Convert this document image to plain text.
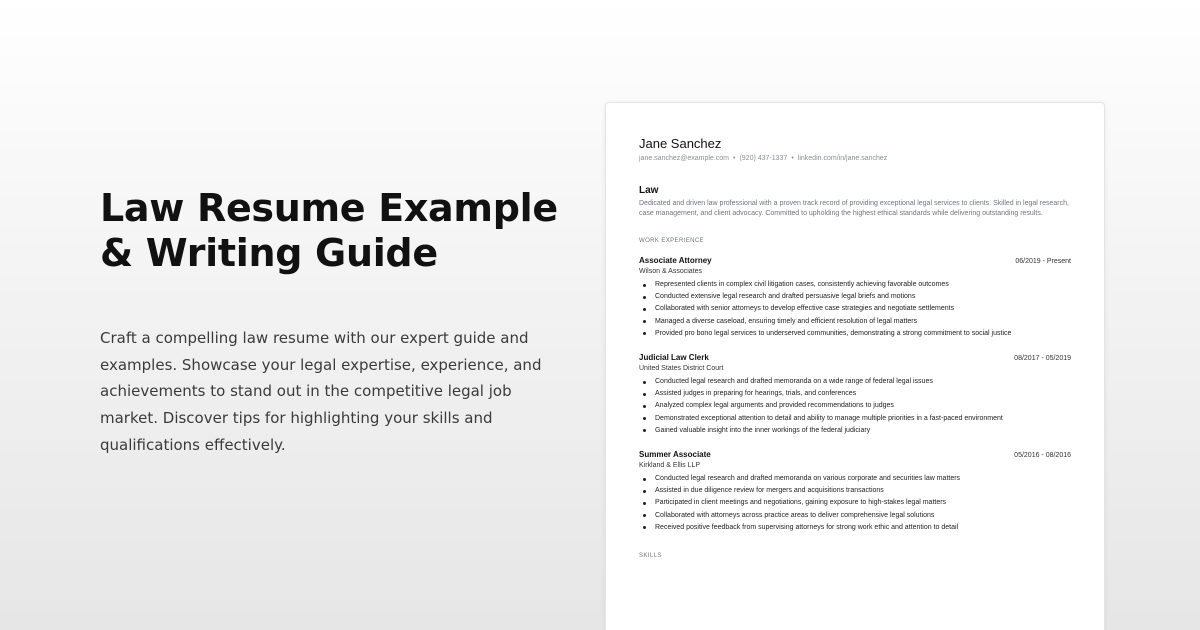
Law Resume Example
& Writing Guide

Craft a compelling law resume with our expert guide and
examples. Showcase your legal expertise, experience, and
achievements to stand out in the competitive legal job
market. Discover tips for highlighting your skills and
qualifications effectively.

Jane Sanchez
jane.sanchez@example.com • (920) 437-1337 • linkedin.com/in/jane.sanchez
Law
Dedicated and driven law professional with a proven track record of providing exceptional legal services to clients. Skilled in legal research, case management, and client advocacy. Committed to upholding the highest ethical standards while delivering outstanding results.
WORK EXPERIENCE
Associate Attorney	06/2019 - Present
Wilson & Associates
Represented clients in complex civil litigation cases, consistently achieving favorable outcomes
Conducted extensive legal research and drafted persuasive legal briefs and motions
Collaborated with senior attorneys to develop effective case strategies and negotiate settlements
Managed a diverse caseload, ensuring timely and efficient resolution of legal matters
Provided pro bono legal services to underserved communities, demonstrating a strong commitment to social justice
Judicial Law Clerk	08/2017 - 05/2019
United States District Court
Conducted legal research and drafted memoranda on a wide range of federal legal issues
Assisted judges in preparing for hearings, trials, and conferences
Analyzed complex legal arguments and provided recommendations to judges
Demonstrated exceptional attention to detail and ability to manage multiple priorities in a fast-paced environment
Gained valuable insight into the inner workings of the federal judiciary
Summer Associate	05/2016 - 08/2016
Kirkland & Ellis LLP
Conducted legal research and drafted memoranda on various corporate and securities law matters
Assisted in due diligence review for mergers and acquisitions transactions
Participated in client meetings and negotiations, gaining exposure to high-stakes legal matters
Collaborated with attorneys across practice areas to deliver comprehensive legal solutions
Received positive feedback from supervising attorneys for strong work ethic and attention to detail
SKILLS
